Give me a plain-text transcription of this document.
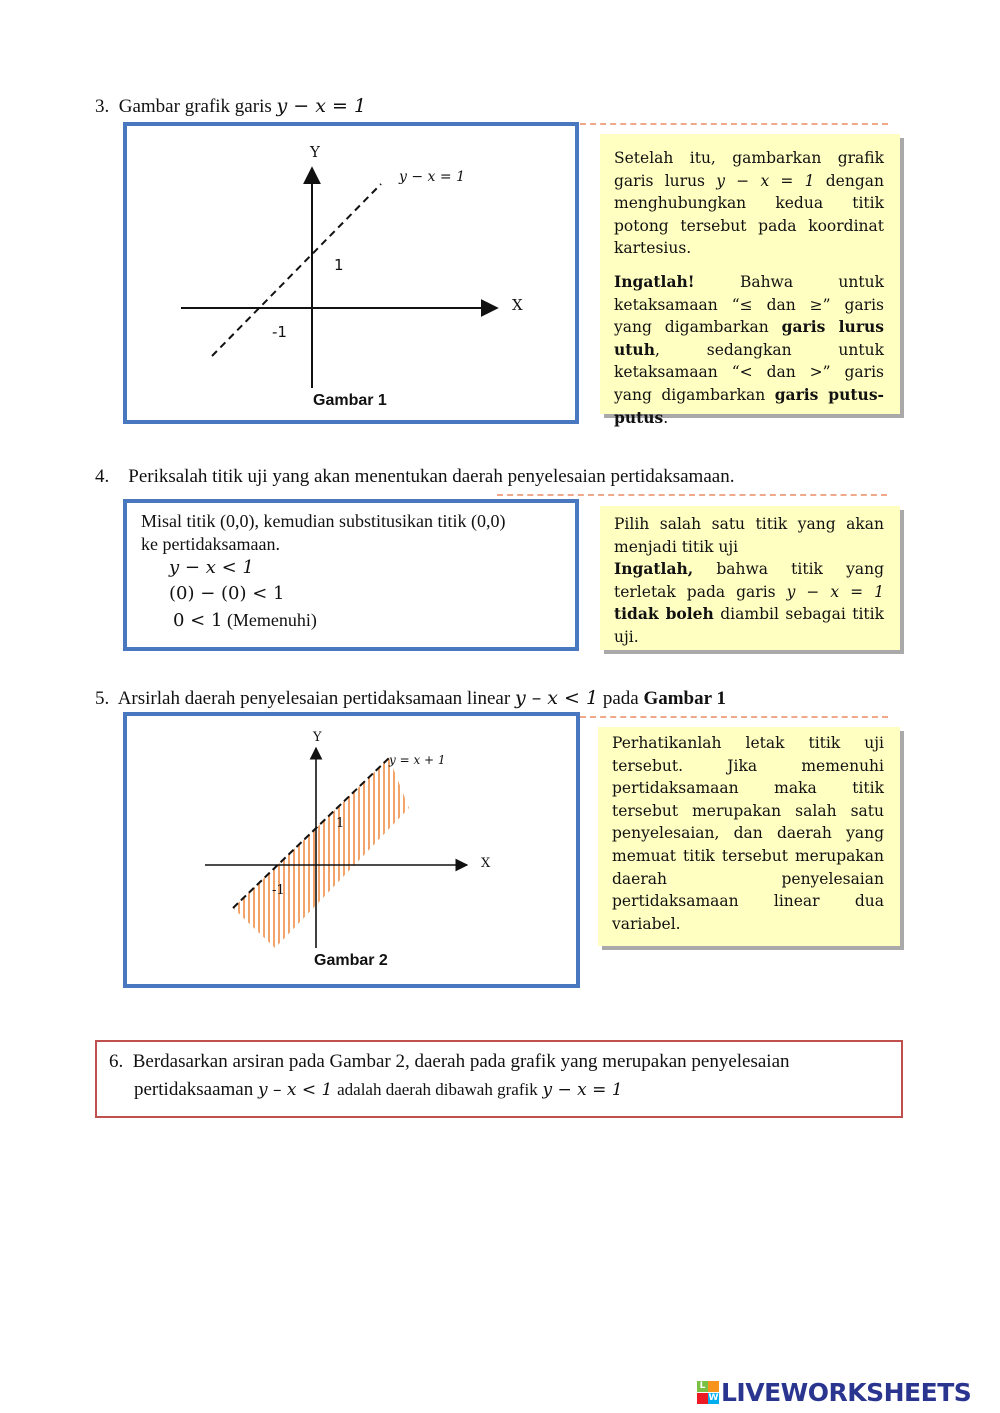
3. Gambar grafik garis y − x = 1
Y
X
y − x = 1
1
-1
Gambar 1

Setelah itu, gambarkan grafik garis lurus y − x = 1 dengan menghubungkan kedua titik potong tersebut pada koordinat kartesius.

Ingatlah! Bahwa untuk ketaksamaan “≤ dan ≥” garis yang digambarkan garis lurus utuh, sedangkan untuk ketaksamaan “< dan >” garis yang digambarkan garis putus-putus.

4. Periksalah titik uji yang akan menentukan daerah penyelesaian pertidaksamaan.
Misal titik (0,0), kemudian substitusikan titik (0,0)
ke pertidaksamaan.
y − x < 1
(0) − (0) < 1
0 < 1 (Memenuhi)

Pilih salah satu titik yang akan menjadi titik uji

Ingatlah, bahwa titik yang terletak pada garis y − x = 1 tidak boleh diambil sebagai titik uji.

5. Arsirlah daerah penyelesaian pertidaksamaan linear y – x < 1 pada Gambar 1
Y
X
y = x + 1
1
-1
Gambar 2

Perhatikanlah letak titik uji tersebut. Jika memenuhi pertidaksamaan maka titik tersebut merupakan salah satu penyelesaian, dan daerah yang memuat titik tersebut merupakan daerah penyelesaian pertidaksamaan linear dua variabel.

6. Berdasarkan arsiran pada Gambar 2, daerah pada grafik yang merupakan penyelesaian
pertidaksaaman y – x < 1 adalah daerah dibawah grafik y − x = 1
L
W LIVEWORKSHEETS
